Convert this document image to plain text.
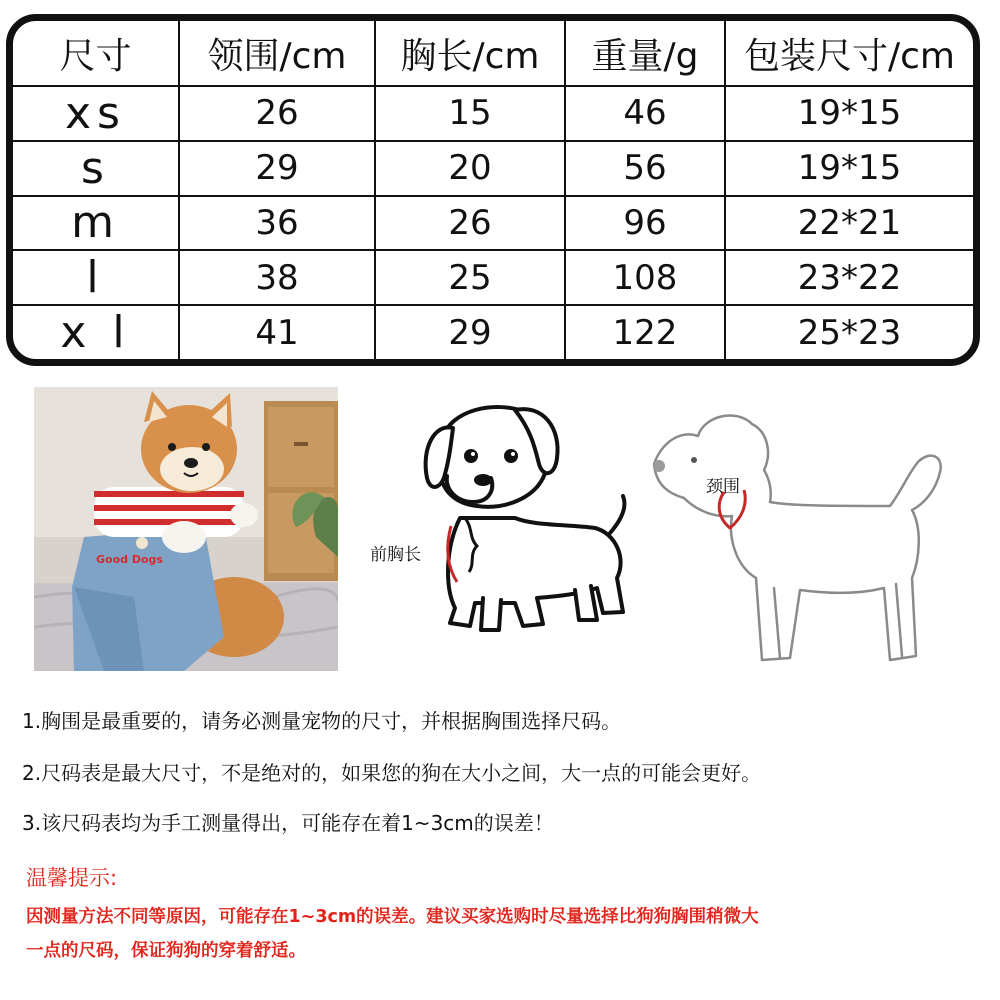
尺寸	领围/cm	胸长/cm	重量/g	包装尺寸/cm
xs	26	15	46	19*15
s	29	20	56	19*15
m	36	26	96	22*21
l	38	25	108	23*22
x l	41	29	122	25*23
Good Dogs	前胸长
颈围
1.胸围是最重要的，请务必测量宠物的尺寸，并根据胸围选择尺码。
2.尺码表是最大尺寸，不是绝对的，如果您的狗在大小之间，大一点的可能会更好。
3.该尺码表均为手工测量得出，可能存在着1~3cm的误差！
温馨提示:
因测量方法不同等原因，可能存在1~3cm的误差。建议买家选购时尽量选择比狗狗胸围稍微大
一点的尺码，保证狗狗的穿着舒适。
